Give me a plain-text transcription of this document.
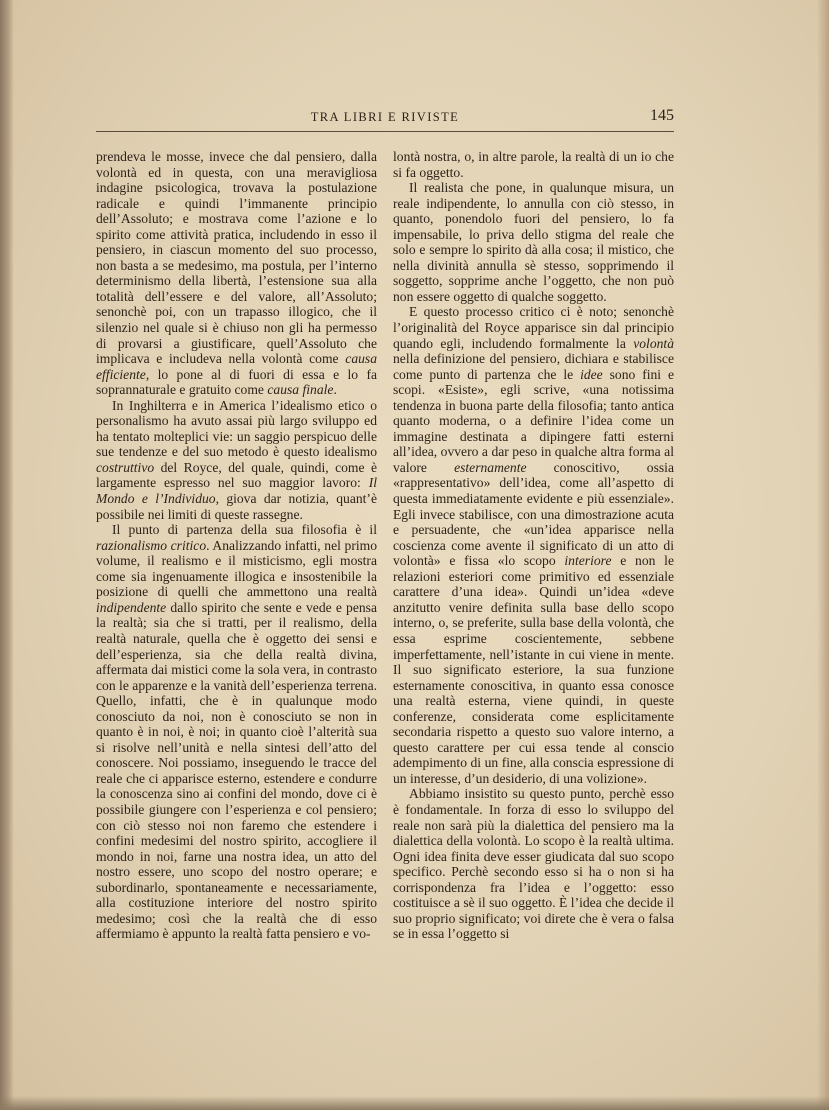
TRA LIBRI E RIVISTE	145

prendeva le mosse, invece che dal pensiero, dalla volontà ed in questa, con una meravigliosa indagine psicologica, trovava la postulazione radicale e quindi l’immanente principio dell’Assoluto; e mostrava come l’azione e lo spirito come attività pratica, includendo in esso il pensiero, in ciascun momento del suo processo, non basta a se medesimo, ma postula, per l’interno determinismo della libertà, l’estensione sua alla totalità dell’essere e del valore, all’Assoluto; senonchè poi, con un trapasso illogico, che il silenzio nel quale si è chiuso non gli ha permesso di provarsi a giustificare, quell’Assoluto che implicava e includeva nella volontà come causa efficiente, lo pone al di fuori di essa e lo fa soprannaturale e gratuito come causa finale.

In Inghilterra e in America l’idealismo etico o personalismo ha avuto assai più largo sviluppo ed ha tentato molteplici vie: un saggio perspicuo delle sue tendenze e del suo metodo è questo idealismo costruttivo del Royce, del quale, quindi, come è largamente espresso nel suo maggior lavoro: Il Mondo e l’Individuo, giova dar notizia, quant’è possibile nei limiti di queste rassegne.

Il punto di partenza della sua filosofia è il razionalismo critico. Analizzando infatti, nel primo volume, il realismo e il misticismo, egli mostra come sia ingenuamente illogica e insostenibile la posizione di quelli che ammettono una realtà indipendente dallo spirito che sente e vede e pensa la realtà; sia che si tratti, per il realismo, della realtà naturale, quella che è oggetto dei sensi e dell’esperienza, sia che della realtà divina, affermata dai mistici come la sola vera, in contrasto con le apparenze e la vanità dell’esperienza terrena. Quello, infatti, che è in qualunque modo conosciuto da noi, non è conosciuto se non in quanto è in noi, è noi; in quanto cioè l’alterità sua si risolve nell’unità e nella sintesi dell’atto del conoscere. Noi possiamo, inseguendo le tracce del reale che ci apparisce esterno, estendere e condurre la conoscenza sino ai confini del mondo, dove ci è possibile giungere con l’esperienza e col pensiero; con ciò stesso noi non faremo che estendere i confini medesimi del nostro spirito, accogliere il mondo in noi, farne una nostra idea, un atto del nostro essere, uno scopo del nostro operare; e subordinarlo, spontaneamente e necessariamente, alla costituzione interiore del nostro spirito medesimo; così che la realtà che di esso affermiamo è appunto la realtà fatta pensiero e vo-

lontà nostra, o, in altre parole, la realtà di un io che si fa oggetto.

Il realista che pone, in qualunque misura, un reale indipendente, lo annulla con ciò stesso, in quanto, ponendolo fuori del pensiero, lo fa impensabile, lo priva dello stigma del reale che solo e sempre lo spirito dà alla cosa; il mistico, che nella divinità annulla sè stesso, sopprimendo il soggetto, sopprime anche l’oggetto, che non può non essere oggetto di qualche soggetto.

E questo processo critico ci è noto; senonchè l’originalità del Royce apparisce sin dal principio quando egli, includendo formalmente la volontà nella definizione del pensiero, dichiara e stabilisce come punto di partenza che le idee sono fini e scopi. «Esiste», egli scrive, «una notissima tendenza in buona parte della filosofia; tanto antica quanto moderna, o a definire l’idea come un immagine destinata a dipingere fatti esterni all’idea, ovvero a dar peso in qualche altra forma al valore esternamente conoscitivo, ossia «rappresentativo» dell’idea, come all’aspetto di questa immediatamente evidente e più essenziale». Egli invece stabilisce, con una dimostrazione acuta e persuadente, che «un’idea apparisce nella coscienza come avente il significato di un atto di volontà» e fissa «lo scopo interiore e non le relazioni esteriori come primitivo ed essenziale carattere d’una idea». Quindi un’idea «deve anzitutto venire definita sulla base dello scopo interno, o, se preferite, sulla base della volontà, che essa esprime coscientemente, sebbene imperfettamente, nell’istante in cui viene in mente. Il suo significato esteriore, la sua funzione esternamente conoscitiva, in quanto essa conosce una realtà esterna, viene quindi, in queste conferenze, considerata come esplicitamente secondaria rispetto a questo suo valore interno, a questo carattere per cui essa tende al conscio adempimento di un fine, alla conscia espressione di un interesse, d’un desiderio, di una volizione».

Abbiamo insistito su questo punto, perchè esso è fondamentale. In forza di esso lo sviluppo del reale non sarà più la dialettica del pensiero ma la dialettica della volontà. Lo scopo è la realtà ultima. Ogni idea finita deve esser giudicata dal suo scopo specifico. Perchè secondo esso si ha o non si ha corrispondenza fra l’idea e l’oggetto: esso costituisce a sè il suo oggetto. È l’idea che decide il suo proprio significato; voi direte che è vera o falsa se in essa l’oggetto si
